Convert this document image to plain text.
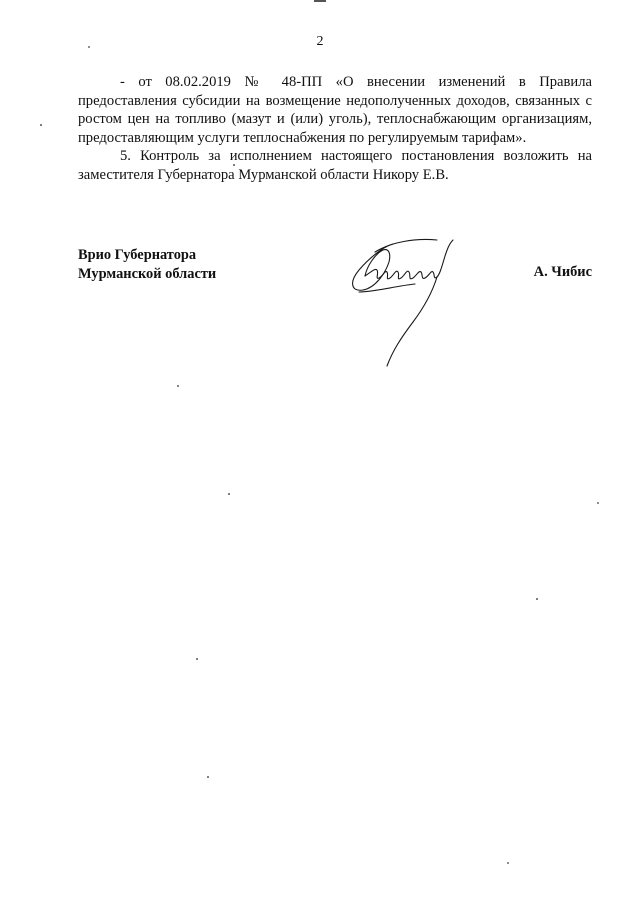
2

- от 08.02.2019 № 48-ПП «О внесении изменений в Правила предоставления субсидии на возмещение недополученных доходов, связанных с ростом цен на топливо (мазут и (или) уголь), теплоснабжающим организациям, предоставляющим услуги теплоснабжения по регулируемым тарифам».

5. Контроль за исполнением настоящего постановления возложить на заместителя Губернатора Мурманской области Никору Е.В.

Врио Губернатора
Мурманской области	А. Чибис
